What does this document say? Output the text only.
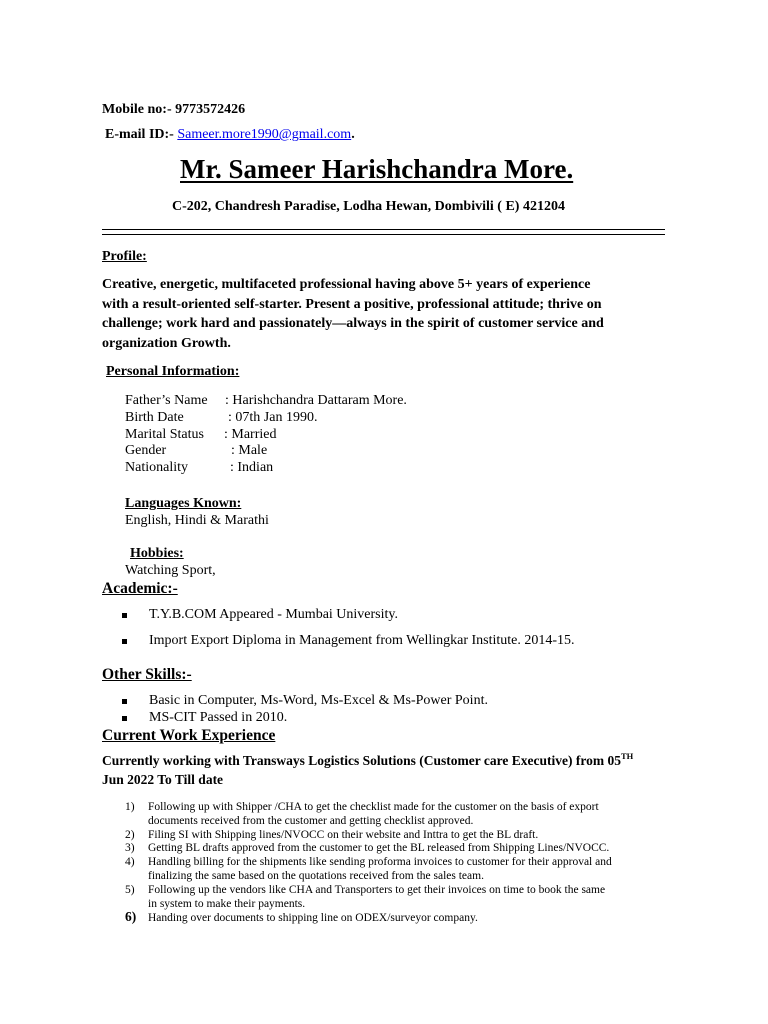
Mobile no:- 9773572426
E-mail ID:- Sameer.more1990@gmail.com.
Mr. Sameer Harishchandra More.
C-202, Chandresh Paradise, Lodha Hewan, Dombivili ( E) 421204
Profile:
Creative, energetic, multifaceted professional having above 5+ years of experience
with a result-oriented self-starter. Present a positive, professional attitude; thrive on
challenge; work hard and passionately—always in the spirit of customer service and
organization Growth.
Personal Information:
Father’s Name : Harishchandra Dattaram More.
Birth Date	: 07th Jan 1990.
Marital Status : Married
Gender	: Male
Nationality	: Indian
Languages Known:
English, Hindi & Marathi
Hobbies:
Watching Sport,
Academic:-
T.Y.B.COM Appeared - Mumbai University.
Import Export Diploma in Management from Wellingkar Institute. 2014-15.
Other Skills:-
Basic in Computer, Ms-Word, Ms-Excel & Ms-Power Point.
MS-CIT Passed in 2010.
Current Work Experience
Currently working with Transways Logistics Solutions (Customer care Executive) from 05TH
Jun 2022 To Till date
1) Following up with Shipper /CHA to get the checklist made for the customer on the basis of export
documents received from the customer and getting checklist approved.
2) Filing SI with Shipping lines/NVOCC on their website and Inttra to get the BL draft.
3) Getting BL drafts approved from the customer to get the BL released from Shipping Lines/NVOCC.
4) Handling billing for the shipments like sending proforma invoices to customer for their approval and
finalizing the same based on the quotations received from the sales team.
5) Following up the vendors like CHA and Transporters to get their invoices on time to book the same
in system to make their payments.
6) Handing over documents to shipping line on ODEX/surveyor company.
